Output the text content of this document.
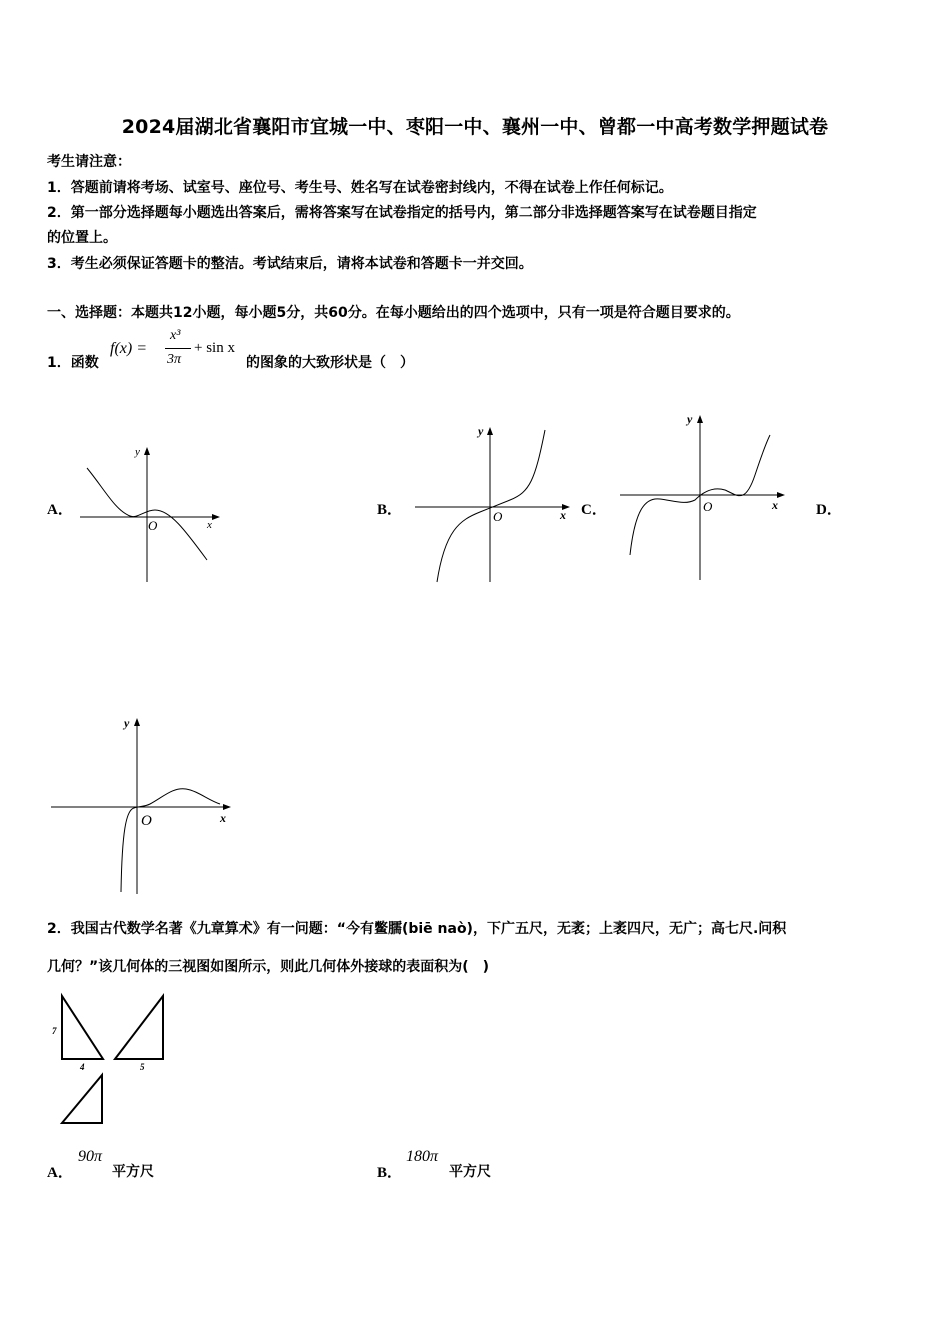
2024届湖北省襄阳市宜城一中、枣阳一中、襄州一中、曾都一中高考数学押题试卷
考生请注意：
1．答题前请将考场、试室号、座位号、考生号、姓名写在试卷密封线内，不得在试卷上作任何标记。
2．第一部分选择题每小题选出答案后，需将答案写在试卷指定的括号内，第二部分非选择题答案写在试卷题目指定
的位置上。
3．考生必须保证答题卡的整洁。考试结束后，请将本试卷和答题卡一并交回。
一、选择题：本题共12小题，每小题5分，共60分。在每小题给出的四个选项中，只有一项是符合题目要求的。
1．函数
f(x) =
x³
3π
+ sin x
的图象的大致形状是（　）
A．	B．	C．	D．
y
x
O
y
x
O
y
x
O
y
x
O
2．我国古代数学名著《九章算术》有一问题：“今有鳖臑(biē naò)，下广五尺，无袤；上袤四尺，无广；高七尺.问积
几何？”该几何体的三视图如图所示，则此几何体外接球的表面积为(　)
7
4	5
A．
90π
平方尺	B．
180π
平方尺
